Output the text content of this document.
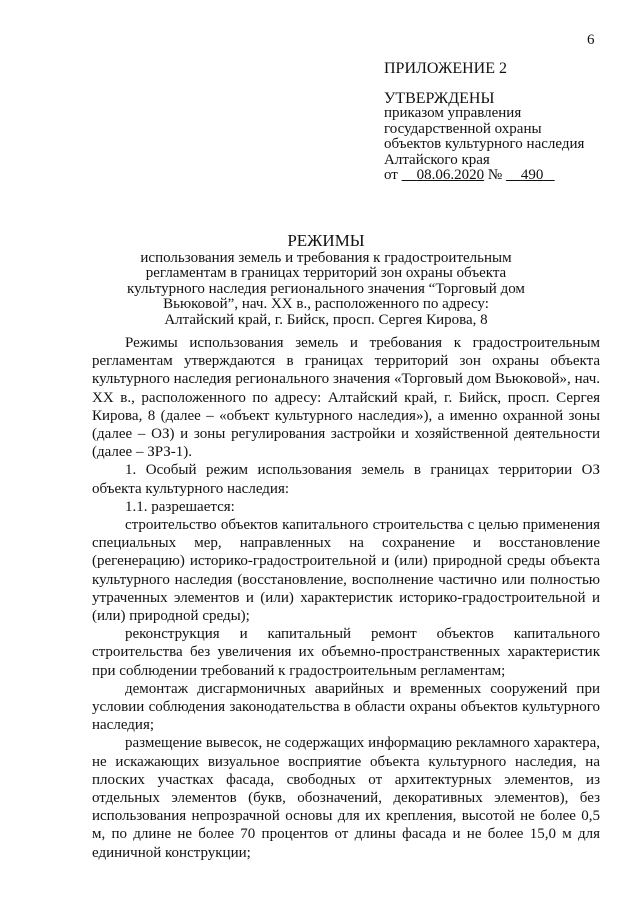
6
ПРИЛОЖЕНИЕ 2
УТВЕРЖДЕНЫ
приказом управления
государственной охраны
объектов культурного наследия
Алтайского края
от 08.06.2020 № 490
РЕЖИМЫ
использования земель и требования к градостроительным
регламентам в границах территорий зон охраны объекта
культурного наследия регионального значения “Торговый дом
Вьюковой”, нач. XX в., расположенного по адресу:
Алтайский край, г. Бийск, просп. Сергея Кирова, 8

Режимы использования земель и требования к градостроительным регламентам утверждаются в границах территорий зон охраны объекта культурного наследия регионального значения «Торговый дом Вьюковой», нач. XX в., расположенного по адресу: Алтайский край, г. Бийск, просп. Сергея Кирова, 8 (далее – «объект культурного наследия»), а именно охранной зоны (далее – ОЗ) и зоны регулирования застройки и хозяйственной деятельности (далее – ЗРЗ-1).

1. Особый режим использования земель в границах территории ОЗ объекта культурного наследия:

1.1. разрешается:

строительство объектов капитального строительства с целью применения специальных мер, направленных на сохранение и восстановление (регенерацию) историко-градостроительной и (или) природной среды объекта культурного наследия (восстановление, восполнение частично или полностью утраченных элементов и (или) характеристик историко-градостроительной и (или) природной среды);

реконструкция и капитальный ремонт объектов капитального строительства без увеличения их объемно-пространственных характеристик при соблюдении требований к градостроительным регламентам;

демонтаж дисгармоничных аварийных и временных сооружений при условии соблюдения законодательства в области охраны объектов культурного наследия;

размещение вывесок, не содержащих информацию рекламного характера, не искажающих визуальное восприятие объекта культурного наследия, на плоских участках фасада, свободных от архитектурных элементов, из отдельных элементов (букв, обозначений, декоративных элементов), без использования непрозрачной основы для их крепления, высотой не более 0,5 м, по длине не более 70 процентов от длины фасада и не более 15,0 м для единичной конструкции;
